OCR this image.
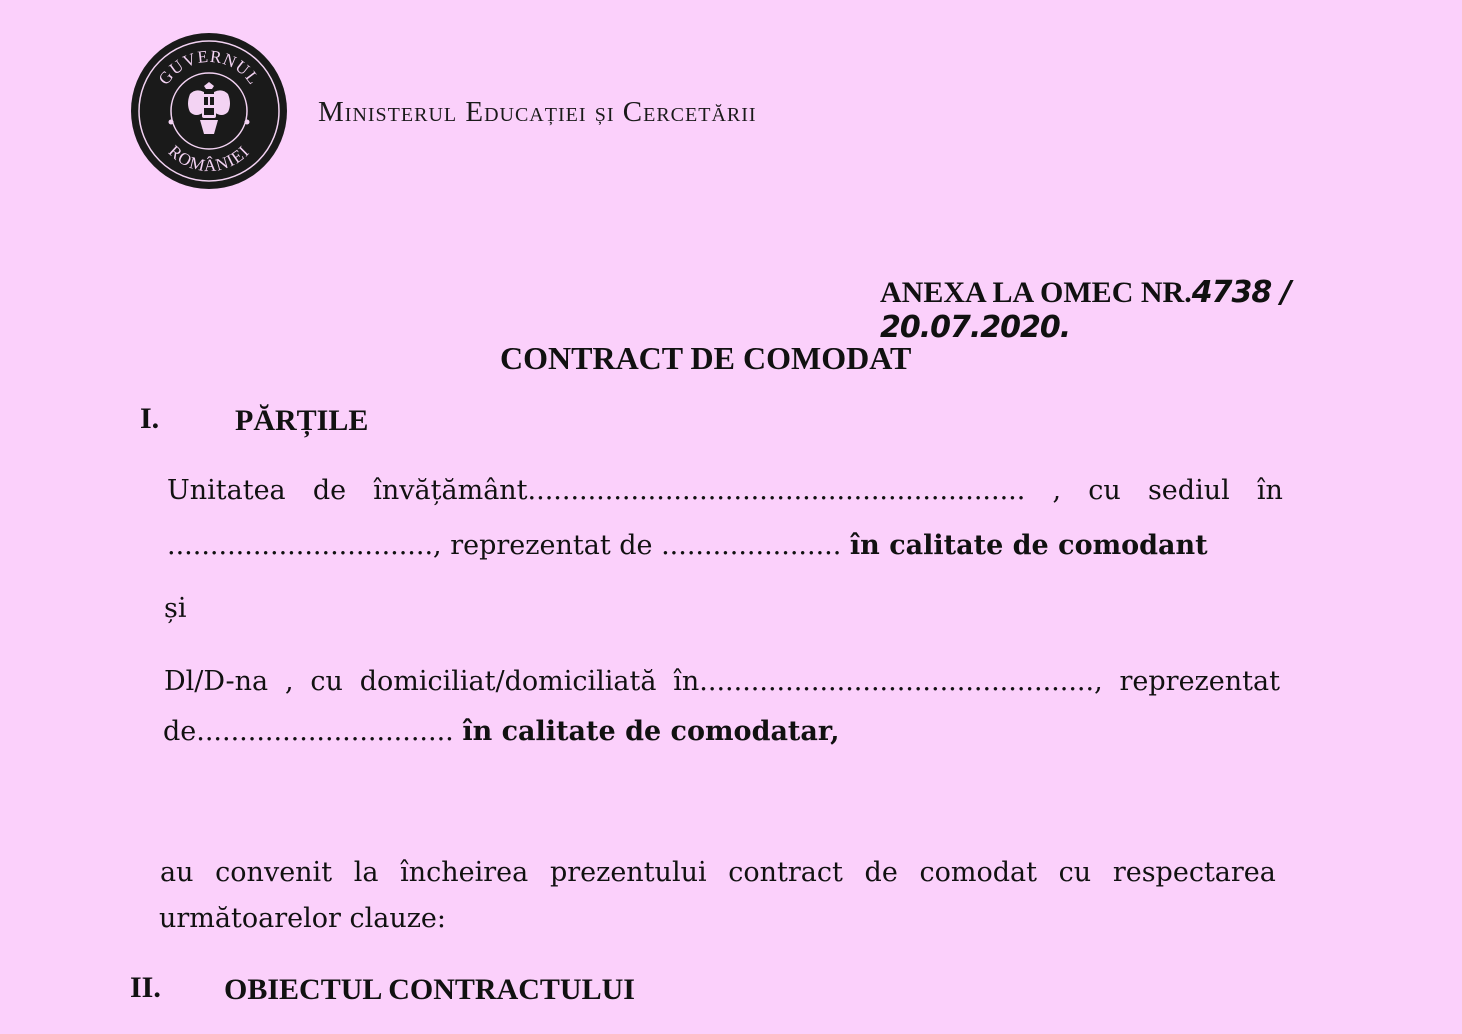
GUVERNUL
ROMÂNIEI
Ministerul Educației și Cercetării
ANEXA LA OMEC NR.4738 / 20.07.2020.
CONTRACT DE COMODAT
I.	PĂRȚILE
Unitatea de învățământ.......................................................... , cu sediul în
..............................., reprezentat de ..................... în calitate de comodant
și
Dl/D-na , cu domiciliat/domiciliată în.............................................., reprezentat
de.............................. în calitate de comodatar,
au convenit la încheirea prezentului contract de comodat cu respectarea
următoarelor clauze:
II. OBIECTUL CONTRACTULUI
